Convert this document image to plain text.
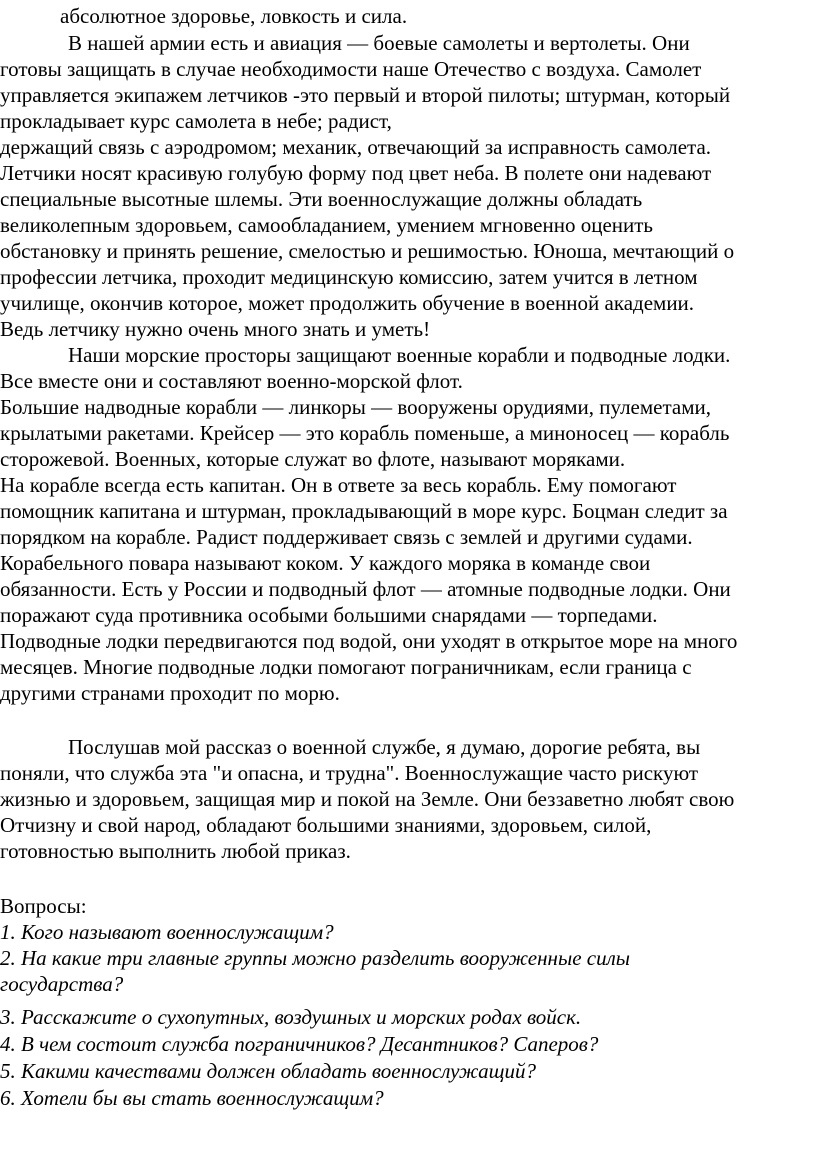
абсолютное здоровье, ловкость и сила.
В нашей армии есть и авиация — боевые самолеты и вертолеты. Они
готовы защищать в случае необходимости наше Отечество с воздуха. Самолет
управляется экипажем летчиков -это первый и второй пилоты; штурман, который
прокладывает курс самолета в небе; радист,
держащий связь с аэродромом; механик, отвечающий за исправность самолета.
Летчики носят красивую голубую форму под цвет неба. В полете они надевают
специальные высотные шлемы. Эти военнослужащие должны обладать
великолепным здоровьем, самообладанием, умением мгновенно оценить
обстановку и принять решение, смелостью и решимостью. Юноша, мечтающий о
профессии летчика, проходит медицинскую комиссию, затем учится в летном
училище, окончив которое, может продолжить обучение в военной академии.
Ведь летчику нужно очень много знать и уметь!
Наши морские просторы защищают военные корабли и подводные лодки.
Все вместе они и составляют военно-морской флот.
Большие надводные корабли — линкоры — вооружены орудиями, пулеметами,
крылатыми ракетами. Крейсер — это корабль поменьше, а миноносец — корабль
сторожевой. Военных, которые служат во флоте, называют моряками.
На корабле всегда есть капитан. Он в ответе за весь корабль. Ему помогают
помощник капитана и штурман, прокладывающий в море курс. Боцман следит за
порядком на корабле. Радист поддерживает связь с землей и другими судами.
Корабельного повара называют коком. У каждого моряка в команде свои
обязанности. Есть у России и подводный флот — атомные подводные лодки. Они
поражают суда противника особыми большими снарядами — торпедами.
Подводные лодки передвигаются под водой, они уходят в открытое море на много
месяцев. Многие подводные лодки помогают пограничникам, если граница с
другими странами проходит по морю.
Послушав мой рассказ о военной службе, я думаю, дорогие ребята, вы
поняли, что служба эта "и опасна, и трудна". Военнослужащие часто рискуют
жизнью и здоровьем, защищая мир и покой на Земле. Они беззаветно любят свою
Отчизну и свой народ, обладают большими знаниями, здоровьем, силой,
готовностью выполнить любой приказ.
Вопросы:
1. Кого называют военнослужащим?
2. На какие три главные группы можно разделить вооруженные силы
государства?
3. Расскажите о сухопутных, воздушных и морских родах войск.
4. В чем состоит служба пограничников? Десантников? Саперов?
5. Какими качествами должен обладать военнослужащий?
6. Хотели бы вы стать военнослужащим?
